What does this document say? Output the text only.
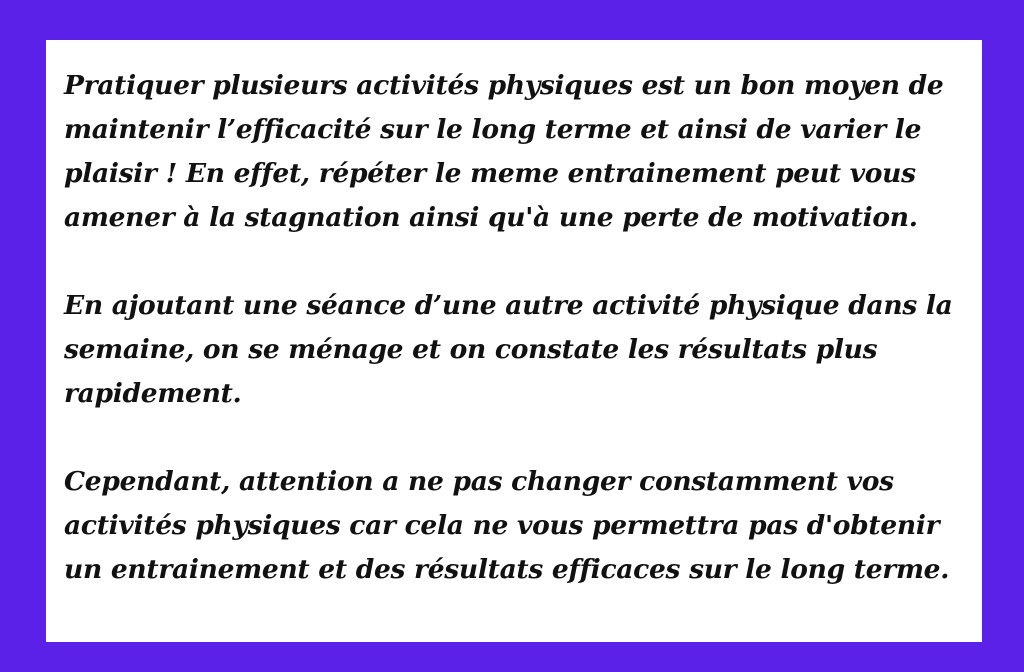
Pratiquer plusieurs activités physiques est un bon moyen de
maintenir l’efficacité sur le long terme et ainsi de varier le
plaisir ! En effet, répéter le meme entrainement peut vous
amener à la stagnation ainsi qu'à une perte de motivation.

En ajoutant une séance d’une autre activité physique dans la
semaine, on se ménage et on constate les résultats plus
rapidement.

Cependant, attention a ne pas changer constamment vos
activités physiques car cela ne vous permettra pas d'obtenir
un entrainement et des résultats efficaces sur le long terme.
